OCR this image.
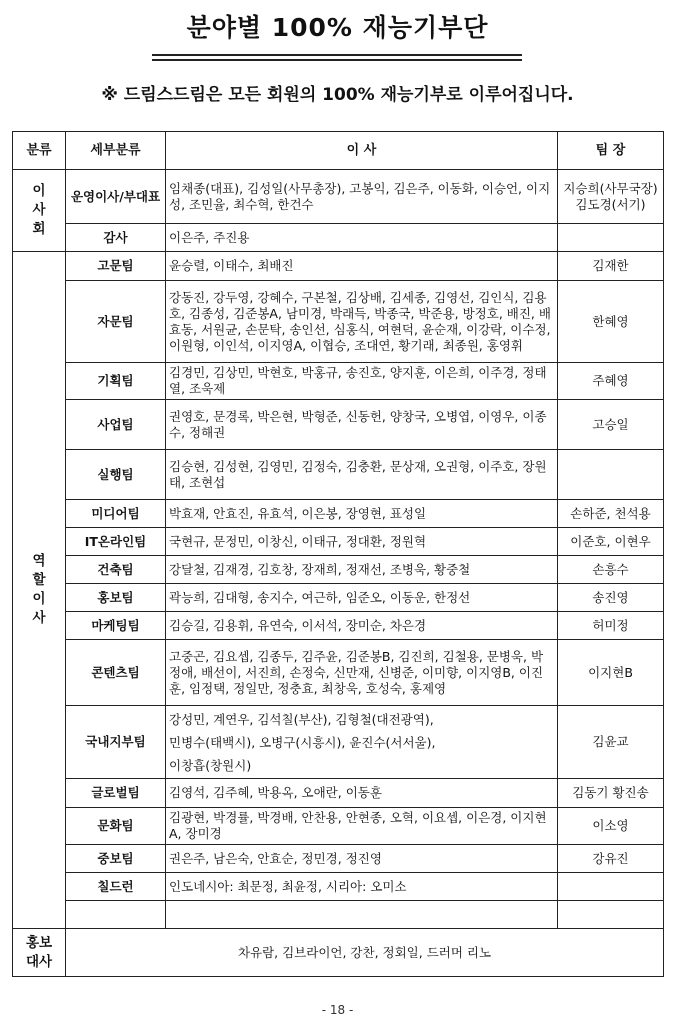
분야별 100% 재능기부단
※ 드림스드림은 모든 회원의 100% 재능기부로 이루어집니다.
분류	세부분류	이 사	팀 장
이사회	운영이사/부대표	임채종(대표), 김성일(사무총장), 고봉익, 김은주, 이동화, 이승언, 이지성, 조민율, 최수혁, 한건수	지승희(사무국장) 김도경(서기)
	감사	이은주, 주진용	
역할이사	고문팀	윤승렬, 이태수, 최배진	김재한
	자문팀	강동진, 강두영, 강혜수, 구본철, 김상배, 김세종, 김영선, 김인식, 김용호, 김종성, 김준봉A, 남미경, 박래득, 박종국, 박준용, 방정호, 배진, 배효동, 서원균, 손문탁, 송인선, 심홍식, 여현덕, 윤순재, 이강락, 이수정, 이원형, 이인석, 이지영A, 이협승, 조대연, 황기래, 최종원, 홍영휘	한혜영
	기획팀	김경민, 김상민, 박현호, 박홍규, 송진호, 양지훈, 이은희, 이주경, 정태열, 조욱제	주혜영
	사업팀	권영호, 문경록, 박은현, 박형준, 신동헌, 양창국, 오병엽, 이영우, 이종수, 정해권	고승일
	실행팀	김승현, 김성현, 김영민, 김정숙, 김충환, 문상재, 오권형, 이주호, 장원태, 조현섭	
	미디어팀	박효재, 안효진, 유효석, 이은봉, 장영현, 표성일	손하준, 천석용
	IT온라인팀	국현규, 문정민, 이창신, 이태규, 정대환, 정원혁	이준호, 이현우
	건축팀	강달철, 김재경, 김호창, 장재희, 정재선, 조병욱, 황중철	손흥수
	홍보팀	곽능희, 김대형, 송지수, 여근하, 임준오, 이동운, 한정선	송진영
	마케팅팀	김승길, 김용휘, 유연숙, 이서석, 장미순, 차은경	허미정
	콘텐츠팀	고중곤, 김요셉, 김종두, 김주윤, 김준봉B, 김진희, 김철용, 문병욱, 박정애, 배선이, 서진희, 손정숙, 신만재, 신병준, 이미향, 이지영B, 이진훈, 임정택, 정일만, 정충효, 최창욱, 호성숙, 홍제영	이지현B
	국내지부팀	강성민, 계연우, 김석칠(부산), 김형철(대전광역),
민병수(태백시), 오병구(시흥시), 윤진수(서서울),
이창흡(창원시)	김윤교
	글로벌팀	김영석, 김주혜, 박용옥, 오애란, 이동훈	김동기 황진송
	문화팀	김광현, 박경률, 박경배, 안찬용, 안현종, 오혁, 이요셉, 이은경, 이지현A, 장미경	이소영
	중보팀	권은주, 남은숙, 안효순, 정민경, 정진영	강유진
	칠드런	인도네시아: 최문정, 최윤정, 시리아: 오미소	

홍보대사	차유람, 김브라이언, 강찬, 정회일, 드러머 리노		
- 18 -
